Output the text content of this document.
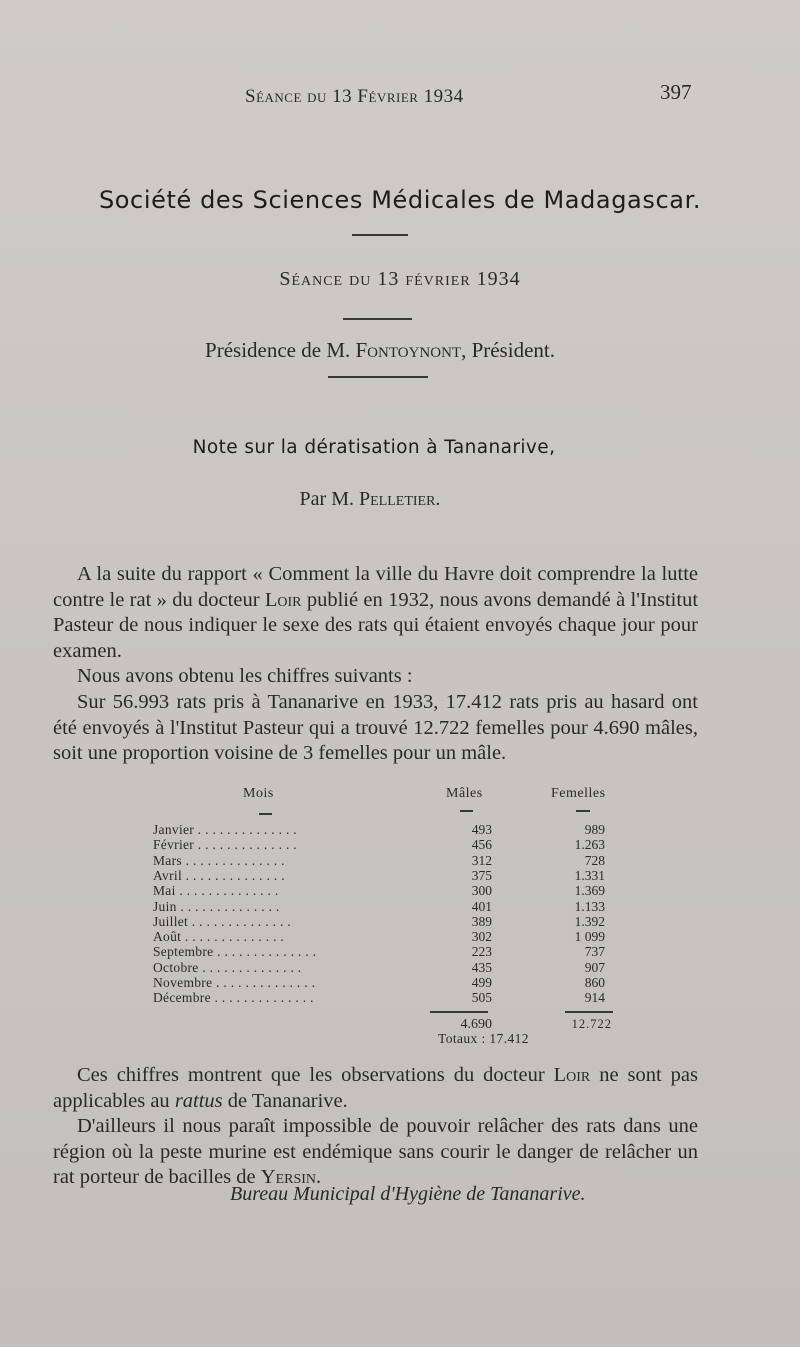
Séance du 13 Février 1934	397
Société des Sciences Médicales de Madagascar.
Séance du 13 février 1934
Présidence de M. Fontoynont, Président.
Note sur la dératisation à Tananarive,
Par M. Pelletier.

A la suite du rapport « Comment la ville du Havre doit comprendre la lutte contre le rat » du docteur Loir publié en 1932, nous avons demandé à l'Institut Pasteur de nous indiquer le sexe des rats qui étaient envoyés chaque jour pour examen.

Nous avons obtenu les chiffres suivants :

Sur 56.993 rats pris à Tananarive en 1933, 17.412 rats pris au hasard ont été envoyés à l'Institut Pasteur qui a trouvé 12.722 femelles pour 4.690 mâles, soit une proportion voisine de 3 femelles pour un mâle.

Mois	Mâles	Femelles
Janvier . . . . . . . . . . . . . .	493	989
Février . . . . . . . . . . . . . .	456	1.263
Mars . . . . . . . . . . . . . .	312	728
Avril . . . . . . . . . . . . . .	375	1.331
Mai . . . . . . . . . . . . . .	300	1.369
Juin . . . . . . . . . . . . . .	401	1.133
Juillet . . . . . . . . . . . . . .	389	1.392
Août . . . . . . . . . . . . . .	302	1 099
Septembre . . . . . . . . . . . . . .	223	737
Octobre . . . . . . . . . . . . . .	435	907
Novembre . . . . . . . . . . . . . .	499	860
Décembre . . . . . . . . . . . . . .	505	914
4.690	12.722
Totaux : 17.412

Ces chiffres montrent que les observations du docteur Loir ne sont pas applicables au rattus de Tananarive.

D'ailleurs il nous paraît impossible de pouvoir relâcher des rats dans une région où la peste murine est endémique sans courir le danger de relâcher un rat porteur de bacilles de Yersin.

Bureau Municipal d'Hygiène de Tananarive.
